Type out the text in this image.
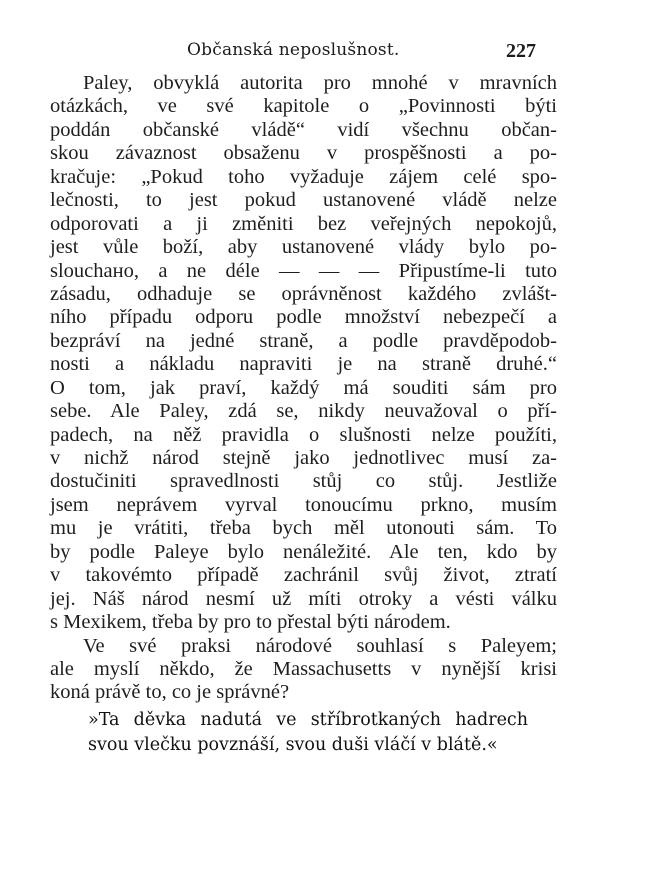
Občanská neposlušnost.	227
Paley, obvyklá autorita pro mnohé v mravních
otázkách, ve své kapitole o „Povinnosti býti
poddán občanské vládě“ vidí všechnu občan-
skou závaznost obsaženu v prospěšnosti a po-
kračuje: „Pokud toho vyžaduje zájem celé spo-
lečnosti, to jest pokud ustanovené vládě nelze
odporovati a ji změniti bez veřejných nepokojů,
jest vůle boží, aby ustanovené vlády bylo po-
slouchано, a ne déle — — — Připustíme-li tuto
zásadu, odhaduje se oprávněnost každého zvlášt-
ního případu odporu podle množství nebezpečí a
bezpráví na jedné straně, a podle pravděpodob-
nosti a nákladu napraviti je na straně druhé.“
O tom, jak praví, každý má souditi sám pro
sebe. Ale Paley, zdá se, nikdy neuvažoval o pří-
padech, na něž pravidla o slušnosti nelze použíti,
v nichž národ stejně jako jednotlivec musí za-
dostučiniti spravedlnosti stůj co stůj. Jestliže
jsem neprávem vyrval tonoucímu prkno, musím
mu je vrátiti, třeba bych měl utonouti sám. To
by podle Paleye bylo nenáležité. Ale ten, kdo by
v takovémto případě zachránil svůj život, ztratí
jej. Náš národ nesmí už míti otroky a vésti válku
s Mexikem, třeba by pro to přestal býti národem.
Ve své praksi národové souhlasí s Paleyem;
ale myslí někdo, že Massachusetts v nynější krisi
koná právě to, co je správné?
»Ta děvka nadutá ve stříbrotkaných hadrech
svou vlečku povznáší, svou duši vláčí v blátě.«
